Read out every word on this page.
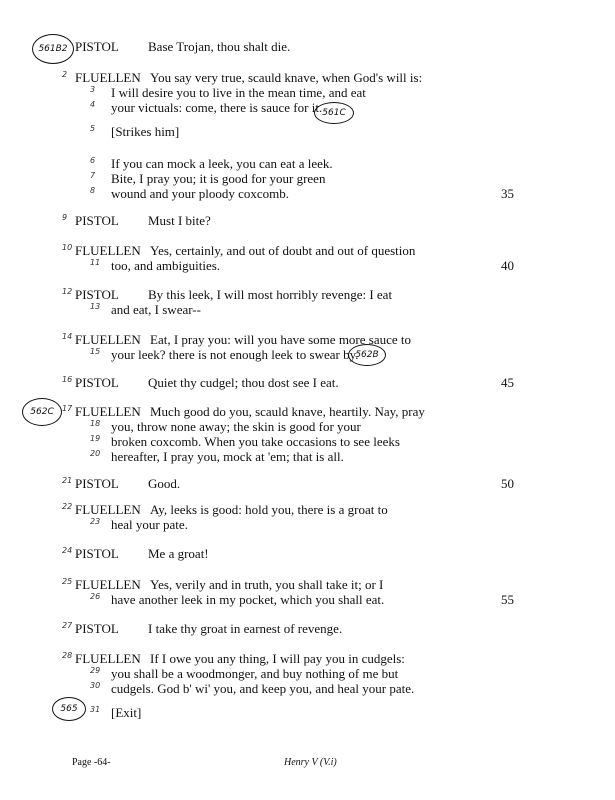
PISTOL Base Trojan, thou shalt die.
561B2
2 FLUELLEN You say very true, scauld knave, when God's will is:
3 I will desire you to live in the mean time, and eat
4 your victuals: come, there is sauce for it. 561C
5 [Strikes him]
6 If you can mock a leek, you can eat a leek.
7 Bite, I pray you; it is good for your green
8 wound and your ploody coxcomb.	35
9 PISTOL Must I bite?
10 FLUELLEN Yes, certainly, and out of doubt and out of question
11 too, and ambiguities.	40
12 PISTOL By this leek, I will most horribly revenge: I eat
13 and eat, I swear--
14 FLUELLEN Eat, I pray you: will you have some more sauce to
15 your leek? there is not enough leek to swear by.
562B
16 PISTOL Quiet thy cudgel; thou dost see I eat.	45
17 FLUELLEN Much good do you, scauld knave, heartily. Nay, pray
18 you, throw none away; the skin is good for your
19 broken coxcomb. When you take occasions to see leeks
20 hereafter, I pray you, mock at 'em; that is all.
562C
21 PISTOL Good.	50
22 FLUELLEN Ay, leeks is good: hold you, there is a groat to
23 heal your pate.
24 PISTOL Me a groat!
25 FLUELLEN Yes, verily and in truth, you shall take it; or I
26 have another leek in my pocket, which you shall eat.	55
27 PISTOL I take thy groat in earnest of revenge.
28 FLUELLEN If I owe you any thing, I will pay you in cudgels:
29 you shall be a woodmonger, and buy nothing of me but
30 cudgels. God b' wi' you, and keep you, and heal your pate.
31 [Exit]
565
Page -64-	Henry V (V.i)
